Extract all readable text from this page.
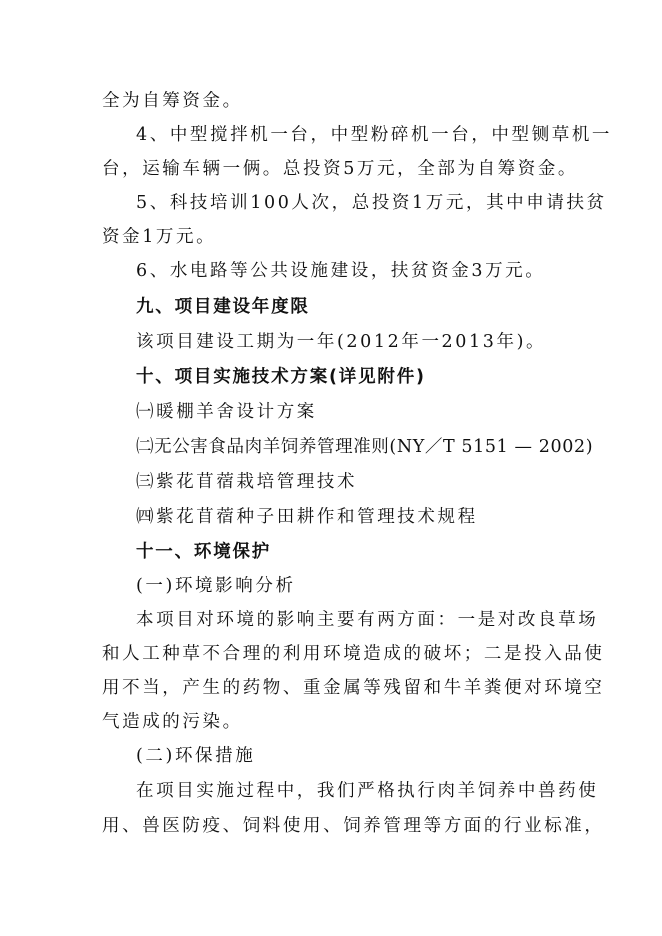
全为自筹资金。
4、中型搅拌机一台，中型粉碎机一台，中型铡草机一
台，运输车辆一俩。总投资5万元，全部为自筹资金。
5、科技培训100人次，总投资1万元，其中申请扶贫
资金1万元。
6、水电路等公共设施建设，扶贫资金3万元。
九、项目建设年度限
该项目建设工期为一年(2012年一2013年)。
十、项目实施技术方案(详见附件)
㈠暖棚羊舍设计方案
㈡无公害食品肉羊饲养管理准则(NY／T 5151 — 2002)
㈢紫花苜蓿栽培管理技术
㈣紫花苜蓿种子田耕作和管理技术规程
十一、环境保护
(一)环境影响分析
本项目对环境的影响主要有两方面：一是对改良草场
和人工种草不合理的利用环境造成的破坏；二是投入品使
用不当，产生的药物、重金属等残留和牛羊粪便对环境空
气造成的污染。
(二)环保措施
在项目实施过程中，我们严格执行肉羊饲养中兽药使
用、兽医防疫、饲料使用、饲养管理等方面的行业标准，
